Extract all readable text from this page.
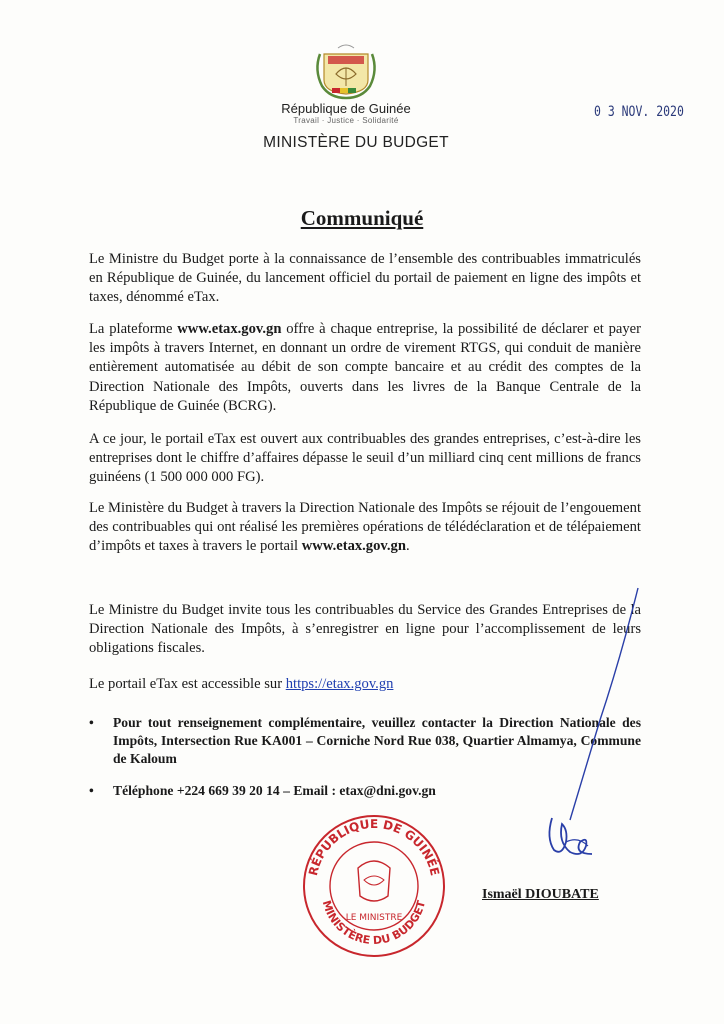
République de Guinée
Travail · Justice · Solidarité
MINISTÈRE DU BUDGET
0 3 NOV. 2020
Communiqué
Le Ministre du Budget porte à la connaissance de l’ensemble des contribuables immatriculés en République de Guinée, du lancement officiel du portail de paiement en ligne des impôts et taxes, dénommé eTax.
La plateforme www.etax.gov.gn offre à chaque entreprise, la possibilité de déclarer et payer les impôts à travers Internet, en donnant un ordre de virement RTGS, qui conduit de manière entièrement automatisée au débit de son compte bancaire et au crédit des comptes de la Direction Nationale des Impôts, ouverts dans les livres de la Banque Centrale de la République de Guinée (BCRG).
A ce jour, le portail eTax est ouvert aux contribuables des grandes entreprises, c’est-à-dire les entreprises dont le chiffre d’affaires dépasse le seuil d’un milliard cinq cent millions de francs guinéens (1 500 000 000 FG).
Le Ministère du Budget à travers la Direction Nationale des Impôts se réjouit de l’engouement des contribuables qui ont réalisé les premières opérations de télédéclaration et de télépaiement d’impôts et taxes à travers le portail www.etax.gov.gn.
Le Ministre du Budget invite tous les contribuables du Service des Grandes Entreprises de la Direction Nationale des Impôts, à s’enregistrer en ligne pour l’accomplissement de leurs obligations fiscales.
Le portail eTax est accessible sur https://etax.gov.gn
• Pour tout renseignement complémentaire, veuillez contacter la Direction Nationale des Impôts, Intersection Rue KA001 – Corniche Nord Rue 038, Quartier Almamya, Commune de Kaloum
• Téléphone +224 669 39 20 14 – Email : etax@dni.gov.gn
RÉPUBLIQUE DE GUINÉE
MINISTÈRE DU BUDGET
LE MINISTRE
Ismaël DIOUBATE
